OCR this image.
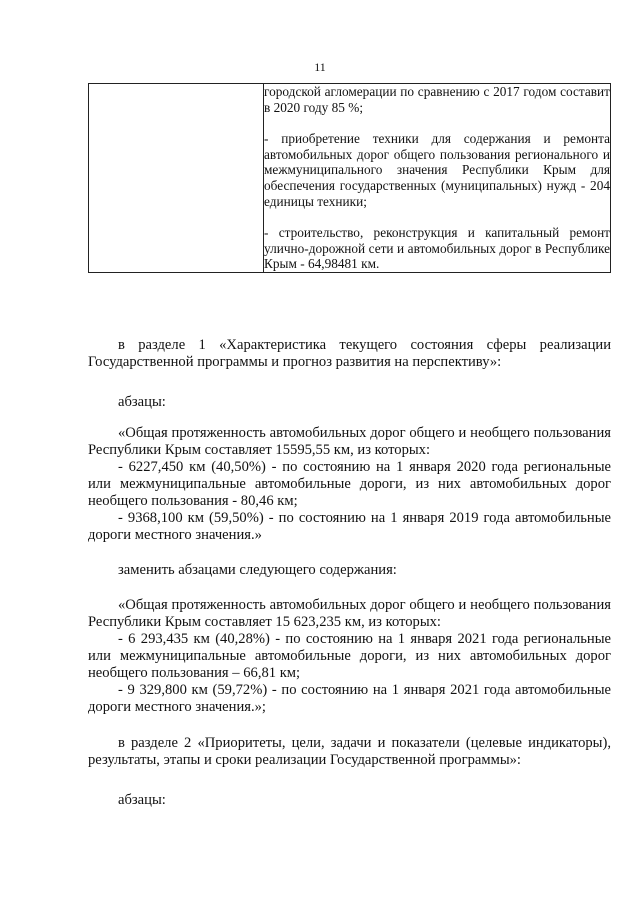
11

городской агломерации по сравнению с 2017 годом составит в 2020 году 85 %;

- приобретение техники для содержания и ремонта автомобильных дорог общего пользования регионального и межмуниципального значения Республики Крым для обеспечения государственных (муниципальных) нужд - 204 единицы техники;

- строительство, реконструкция и капитальный ремонт улично-дорожной сети и автомобильных дорог в Республике Крым - 64,98481 км.

в разделе 1 «Характеристика текущего состояния сферы реализации Государственной программы и прогноз развития на перспективу»:
абзацы:

«Общая протяженность автомобильных дорог общего и необщего пользования Республики Крым составляет 15595,55 км, из которых:

- 6227,450 км (40,50%) - по состоянию на 1 января 2020 года региональные или межмуниципальные автомобильные дороги, из них автомобильных дорог необщего пользования - 80,46 км;

- 9368,100 км (59,50%) - по состоянию на 1 января 2019 года автомобильные дороги местного значения.»

заменить абзацами следующего содержания:

«Общая протяженность автомобильных дорог общего и необщего пользования Республики Крым составляет 15 623,235 км, из которых:

- 6 293,435 км (40,28%) - по состоянию на 1 января 2021 года региональные или межмуниципальные автомобильные дороги, из них автомобильных дорог необщего пользования – 66,81 км;

- 9 329,800 км (59,72%) - по состоянию на 1 января 2021 года автомобильные дороги местного значения.»;

в разделе 2 «Приоритеты, цели, задачи и показатели (целевые индикаторы), результаты, этапы и сроки реализации Государственной программы»:
абзацы:
